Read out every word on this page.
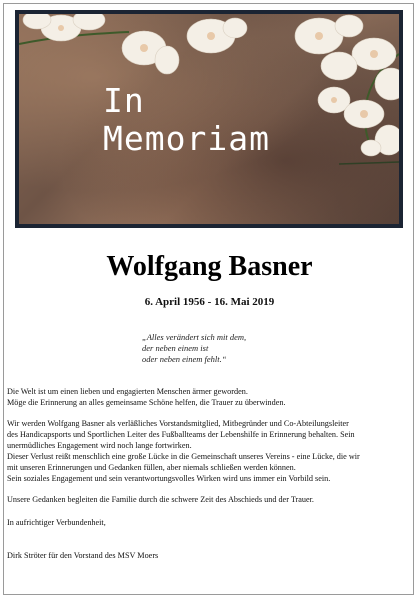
In
Memoriam
Wolfgang Basner
6. April 1956 - 16. Mai 2019
„Alles verändert sich mit dem,
der neben einem ist
oder neben einem fehlt.“

Die Welt ist um einen lieben und engagierten Menschen ärmer geworden.

Möge die Erinnerung an alles gemeinsame Schöne helfen, die Trauer zu überwinden.

Wir werden Wolfgang Basner als verläßliches Vorstandsmitglied, Mitbegründer und Co-Abteilungsleiter

des Handicapsports und Sportlichen Leiter des Fußballteams der Lebenshilfe in Erinnerung behalten. Sein

unermüdliches Engagement wird noch lange fortwirken.

Dieser Verlust reißt menschlich eine große Lücke in die Gemeinschaft unseres Vereins - eine Lücke, die wir

mit unseren Erinnerungen und Gedanken füllen, aber niemals schließen werden können.

Sein soziales Engagement und sein verantwortungsvolles Wirken wird uns immer ein Vorbild sein.

Unsere Gedanken begleiten die Familie durch die schwere Zeit des Abschieds und der Trauer.

In aufrichtiger Verbundenheit,

Dirk Ströter für den Vorstand des MSV Moers
